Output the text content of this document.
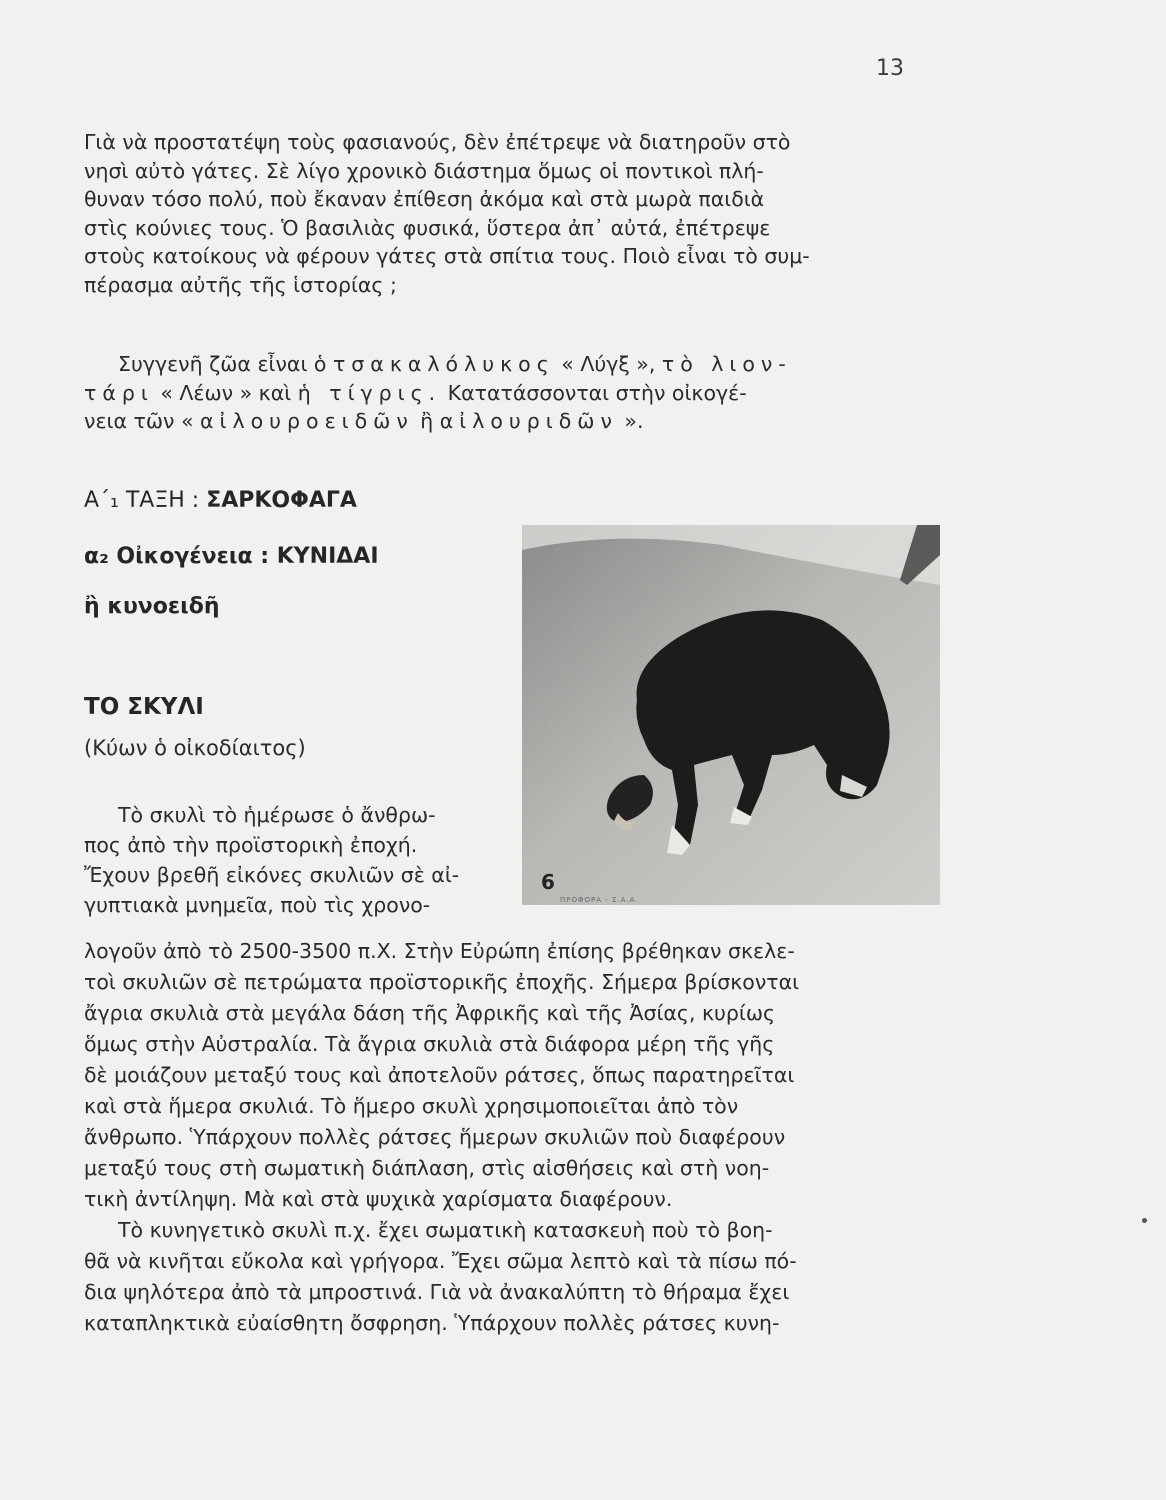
13
Γιὰ νὰ προστατέψη τοὺς φασιανούς, δὲν ἐπέτρεψε νὰ διατηροῦν στὸ
νησὶ αὐτὸ γάτες. Σὲ λίγο χρονικὸ διάστημα ὅμως οἱ ποντικοὶ πλή-
θυναν τόσο πολύ, ποὺ ἔκαναν ἐπίθεση ἀκόμα καὶ στὰ μωρὰ παιδιὰ
στὶς κούνιες τους. Ὁ βασιλιὰς φυσικά, ὕστερα ἀπ᾽ αὐτά, ἐπέτρεψε
στοὺς κατοίκους νὰ φέρουν γάτες στὰ σπίτια τους. Ποιὸ εἶναι τὸ συμ-
πέρασμα αὐτῆς τῆς ἱστορίας ;
Συγγενῆ ζῶα εἶναι ὁ τσακαλόλυκος « Λύγξ », τὸ λιον-
τάρι « Λέων » καὶ ἡ τίγρις. Κατατάσσονται στὴν οἰκογέ-
νεια τῶν « αἰλουροειδῶν ἢ αἰλουριδῶν ».
Α΄₁ ΤΑΞΗ : ΣΑΡΚΟΦΑΓΑ
α₂ Οἰκογένεια : ΚΥΝΙΔΑΙ
ἢ κυνοειδῆ
ΤΟ ΣΚΥΛΙ
(Κύων ὁ οἰκοδίαιτος)
6
ΠΡΟΦΟΡΑ - Σ.Α.Α.
Τὸ σκυλὶ τὸ ἡμέρωσε ὁ ἄνθρω-
πος ἀπὸ τὴν προϊστορικὴ ἐποχή.
Ἔχουν βρεθῆ εἰκόνες σκυλιῶν σὲ αἰ-
γυπτιακὰ μνημεῖα, ποὺ τὶς χρονο-
λογοῦν ἀπὸ τὸ 2500-3500 π.Χ. Στὴν Εὐρώπη ἐπίσης βρέθηκαν σκελε-
τοὶ σκυλιῶν σὲ πετρώματα προϊστορικῆς ἐποχῆς. Σήμερα βρίσκονται
ἄγρια σκυλιὰ στὰ μεγάλα δάση τῆς Ἀφρικῆς καὶ τῆς Ἀσίας, κυρίως
ὅμως στὴν Αὐστραλία. Τὰ ἄγρια σκυλιὰ στὰ διάφορα μέρη τῆς γῆς
δὲ μοιάζουν μεταξύ τους καὶ ἀποτελοῦν ράτσες, ὅπως παρατηρεῖται
καὶ στὰ ἥμερα σκυλιά. Τὸ ἥμερο σκυλὶ χρησιμοποιεῖται ἀπὸ τὸν
ἄνθρωπο. Ὑπάρχουν πολλὲς ράτσες ἥμερων σκυλιῶν ποὺ διαφέρουν
μεταξύ τους στὴ σωματικὴ διάπλαση, στὶς αἰσθήσεις καὶ στὴ νοη-
τικὴ ἀντίληψη. Μὰ καὶ στὰ ψυχικὰ χαρίσματα διαφέρουν.
Τὸ κυνηγετικὸ σκυλὶ π.χ. ἔχει σωματικὴ κατασκευὴ ποὺ τὸ βοη-
θᾶ νὰ κινῆται εὔκολα καὶ γρήγορα. Ἔχει σῶμα λεπτὸ καὶ τὰ πίσω πό-
δια ψηλότερα ἀπὸ τὰ μπροστινά. Γιὰ νὰ ἀνακαλύπτη τὸ θήραμα ἔχει
καταπληκτικὰ εὐαίσθητη ὄσφρηση. Ὑπάρχουν πολλὲς ράτσες κυνη-
